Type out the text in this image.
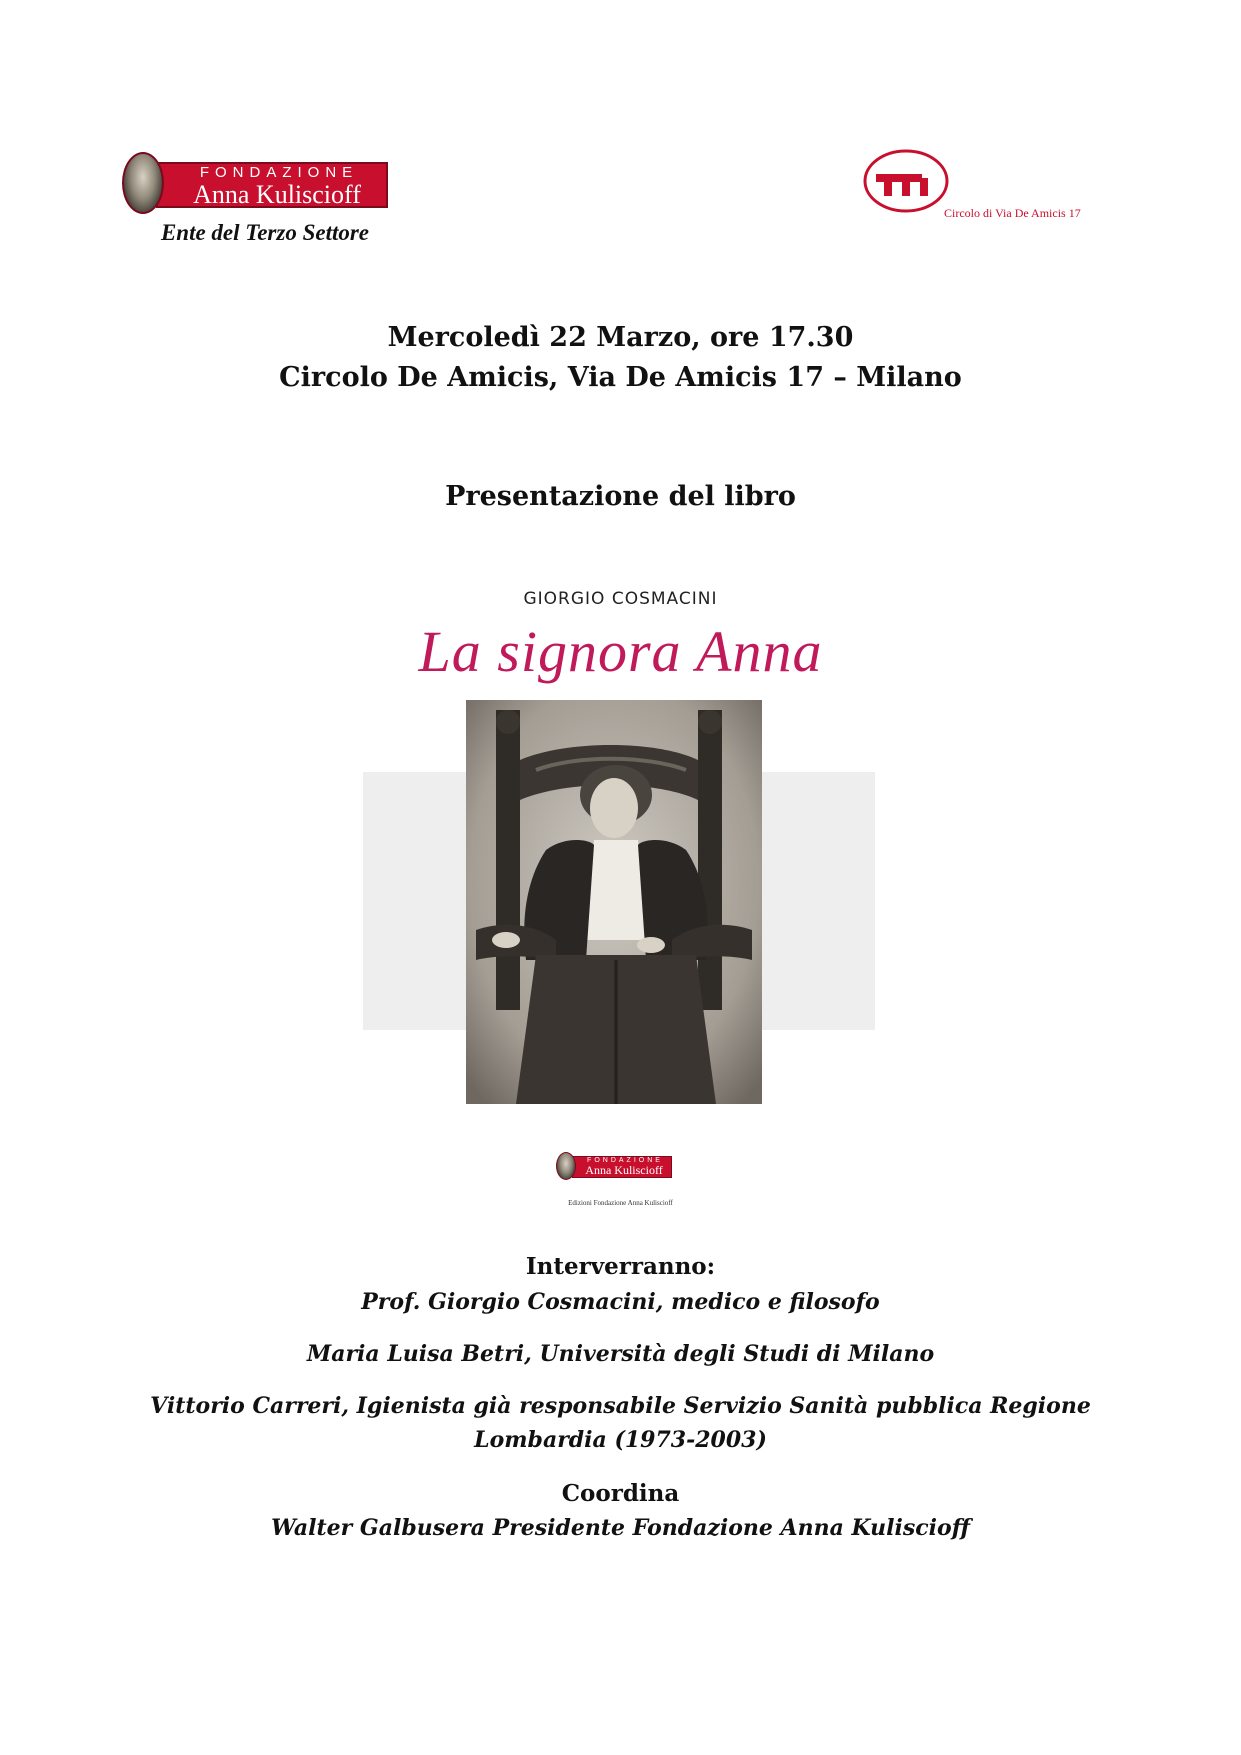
FONDAZIONE
Anna Kuliscioff
Ente del Terzo Settore
Circolo di Via De Amicis 17
Mercoledì 22 Marzo, ore 17.30
Circolo De Amicis, Via De Amicis 17 – Milano
Presentazione del libro
GIORGIO COSMACINI
La signora Anna
FONDAZIONE
Anna Kuliscioff
Edizioni Fondazione Anna Kuliscioff
Interverranno:
Prof. Giorgio Cosmacini, medico e filosofo
Maria Luisa Betri, Università degli Studi di Milano
Vittorio Carreri, Igienista già responsabile Servizio Sanità pubblica Regione
Lombardia (1973-2003)
Coordina
Walter Galbusera Presidente Fondazione Anna Kuliscioff
